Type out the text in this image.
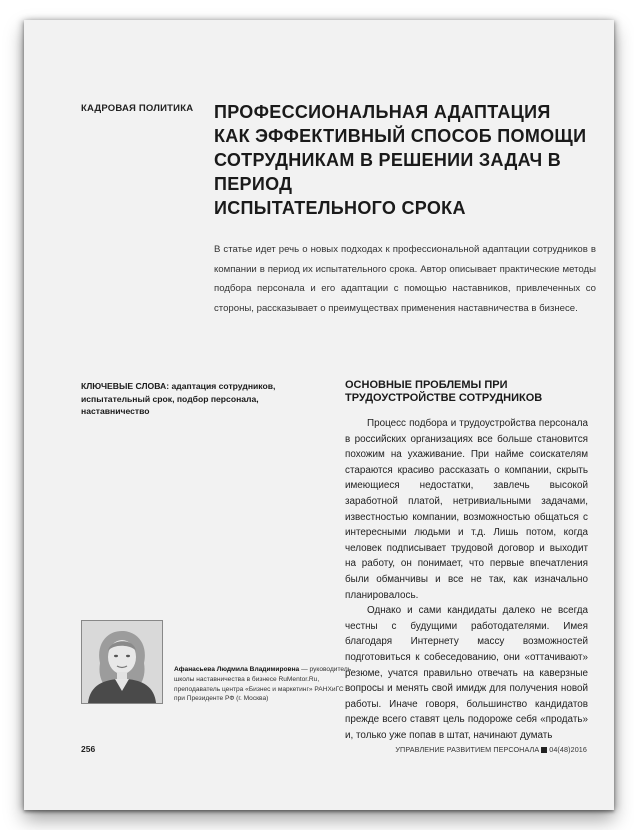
КАДРОВАЯ ПОЛИТИКА ПРОФЕССИОНАЛЬНАЯ АДАПТАЦИЯ
КАК ЭФФЕКТИВНЫЙ СПОСОБ ПОМОЩИ
СОТРУДНИКАМ В РЕШЕНИИ ЗАДАЧ В ПЕРИОД
ИСПЫТАТЕЛЬНОГО СРОКА
В статье идет речь о новых подходах к профессиональной адаптации сотрудников в компании в период их испытательного срока. Автор описывает практические методы подбора персонала и его адаптации с помощью наставников, привлеченных со стороны, рассказывает о преимуществах применения наставничества в бизнесе.
КЛЮЧЕВЫЕ СЛОВА: адаптация сотрудников, испытательный срок, подбор персонала, наставничество
ОСНОВНЫЕ ПРОБЛЕМЫ ПРИ
ТРУДОУСТРОЙСТВЕ СОТРУДНИКОВ

Процесс подбора и трудоустройства персонала в российских организациях все больше становится похожим на ухаживание. При найме соискателям стараются красиво рассказать о компании, скрыть имеющиеся недостатки, завлечь высокой заработной платой, нетривиальными задачами, известностью компании, возможностью общаться с интересными людьми и т.д. Лишь потом, когда человек подписывает трудовой договор и выходит на работу, он понимает, что первые впечатления были обманчивы и все не так, как изначально планировалось.

Однако и сами кандидаты далеко не всегда честны с будущими работодателями. Имея благодаря Интернету массу возможностей подготовиться к собеседованию, они «оттачивают» резюме, учатся правильно отвечать на каверзные вопросы и менять свой имидж для получения новой работы. Иначе говоря, большинство кандидатов прежде всего ставят цель подороже себя «продать» и, только уже попав в штат, начинают думать

Афанасьева Людмила Владимировна — руководитель школы наставничества в бизнесе RuMentor.Ru, преподаватель центра «Бизнес и маркетинг» РАНХиГС при Президенте РФ (г. Москва)
256	УПРАВЛЕНИЕ РАЗВИТИЕМ ПЕРСОНАЛА 04(48)2016
